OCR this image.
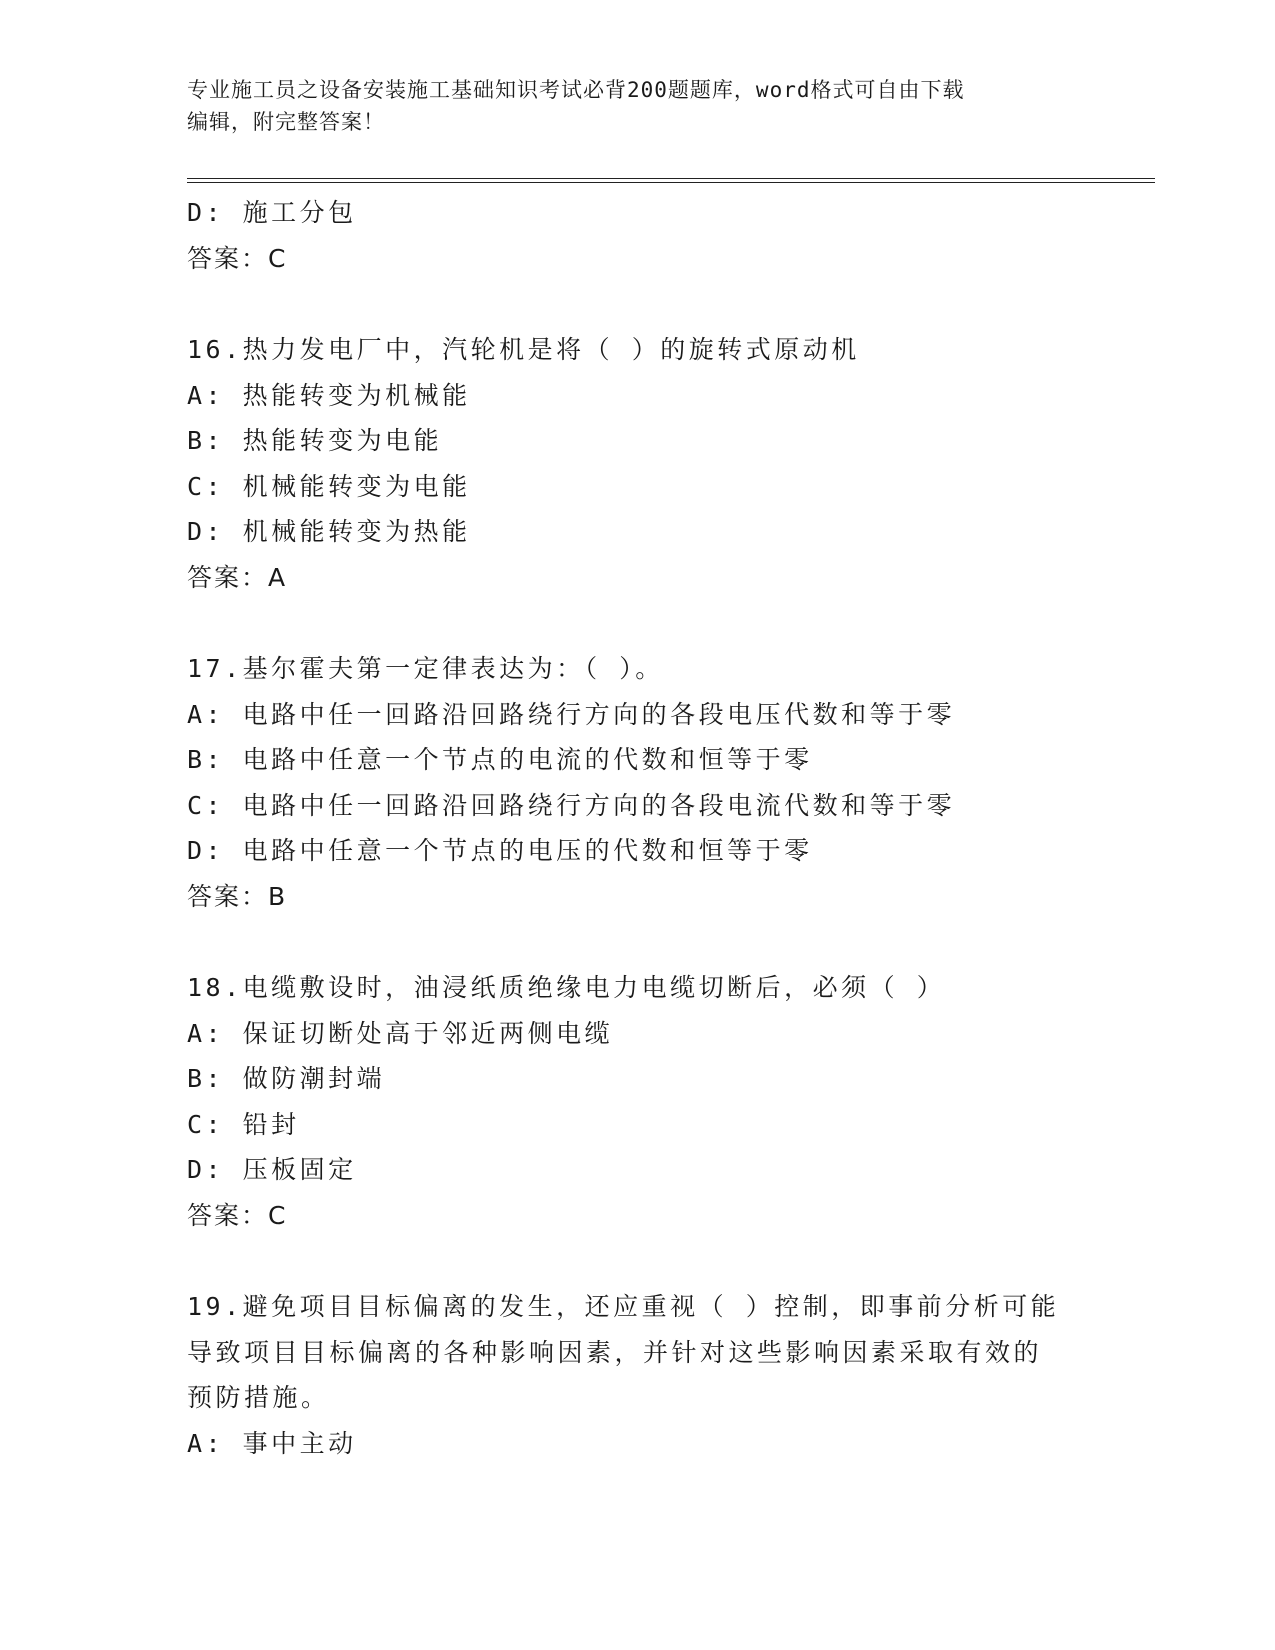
专业施工员之设备安装施工基础知识考试必背200题题库，word格式可自由下载
编辑，附完整答案！
D: 施工分包
答案：C
16.热力发电厂中，汽轮机是将（ ）的旋转式原动机
A: 热能转变为机械能
B: 热能转变为电能
C: 机械能转变为电能
D: 机械能转变为热能
答案：A
17.基尔霍夫第一定律表达为：（ ）。
A: 电路中任一回路沿回路绕行方向的各段电压代数和等于零
B: 电路中任意一个节点的电流的代数和恒等于零
C: 电路中任一回路沿回路绕行方向的各段电流代数和等于零
D: 电路中任意一个节点的电压的代数和恒等于零
答案：B
18.电缆敷设时，油浸纸质绝缘电力电缆切断后，必须（ ）
A: 保证切断处高于邻近两侧电缆
B: 做防潮封端
C: 铅封
D: 压板固定
答案：C
19.避免项目目标偏离的发生，还应重视（ ）控制，即事前分析可能
导致项目目标偏离的各种影响因素，并针对这些影响因素采取有效的
预防措施。
A: 事中主动
